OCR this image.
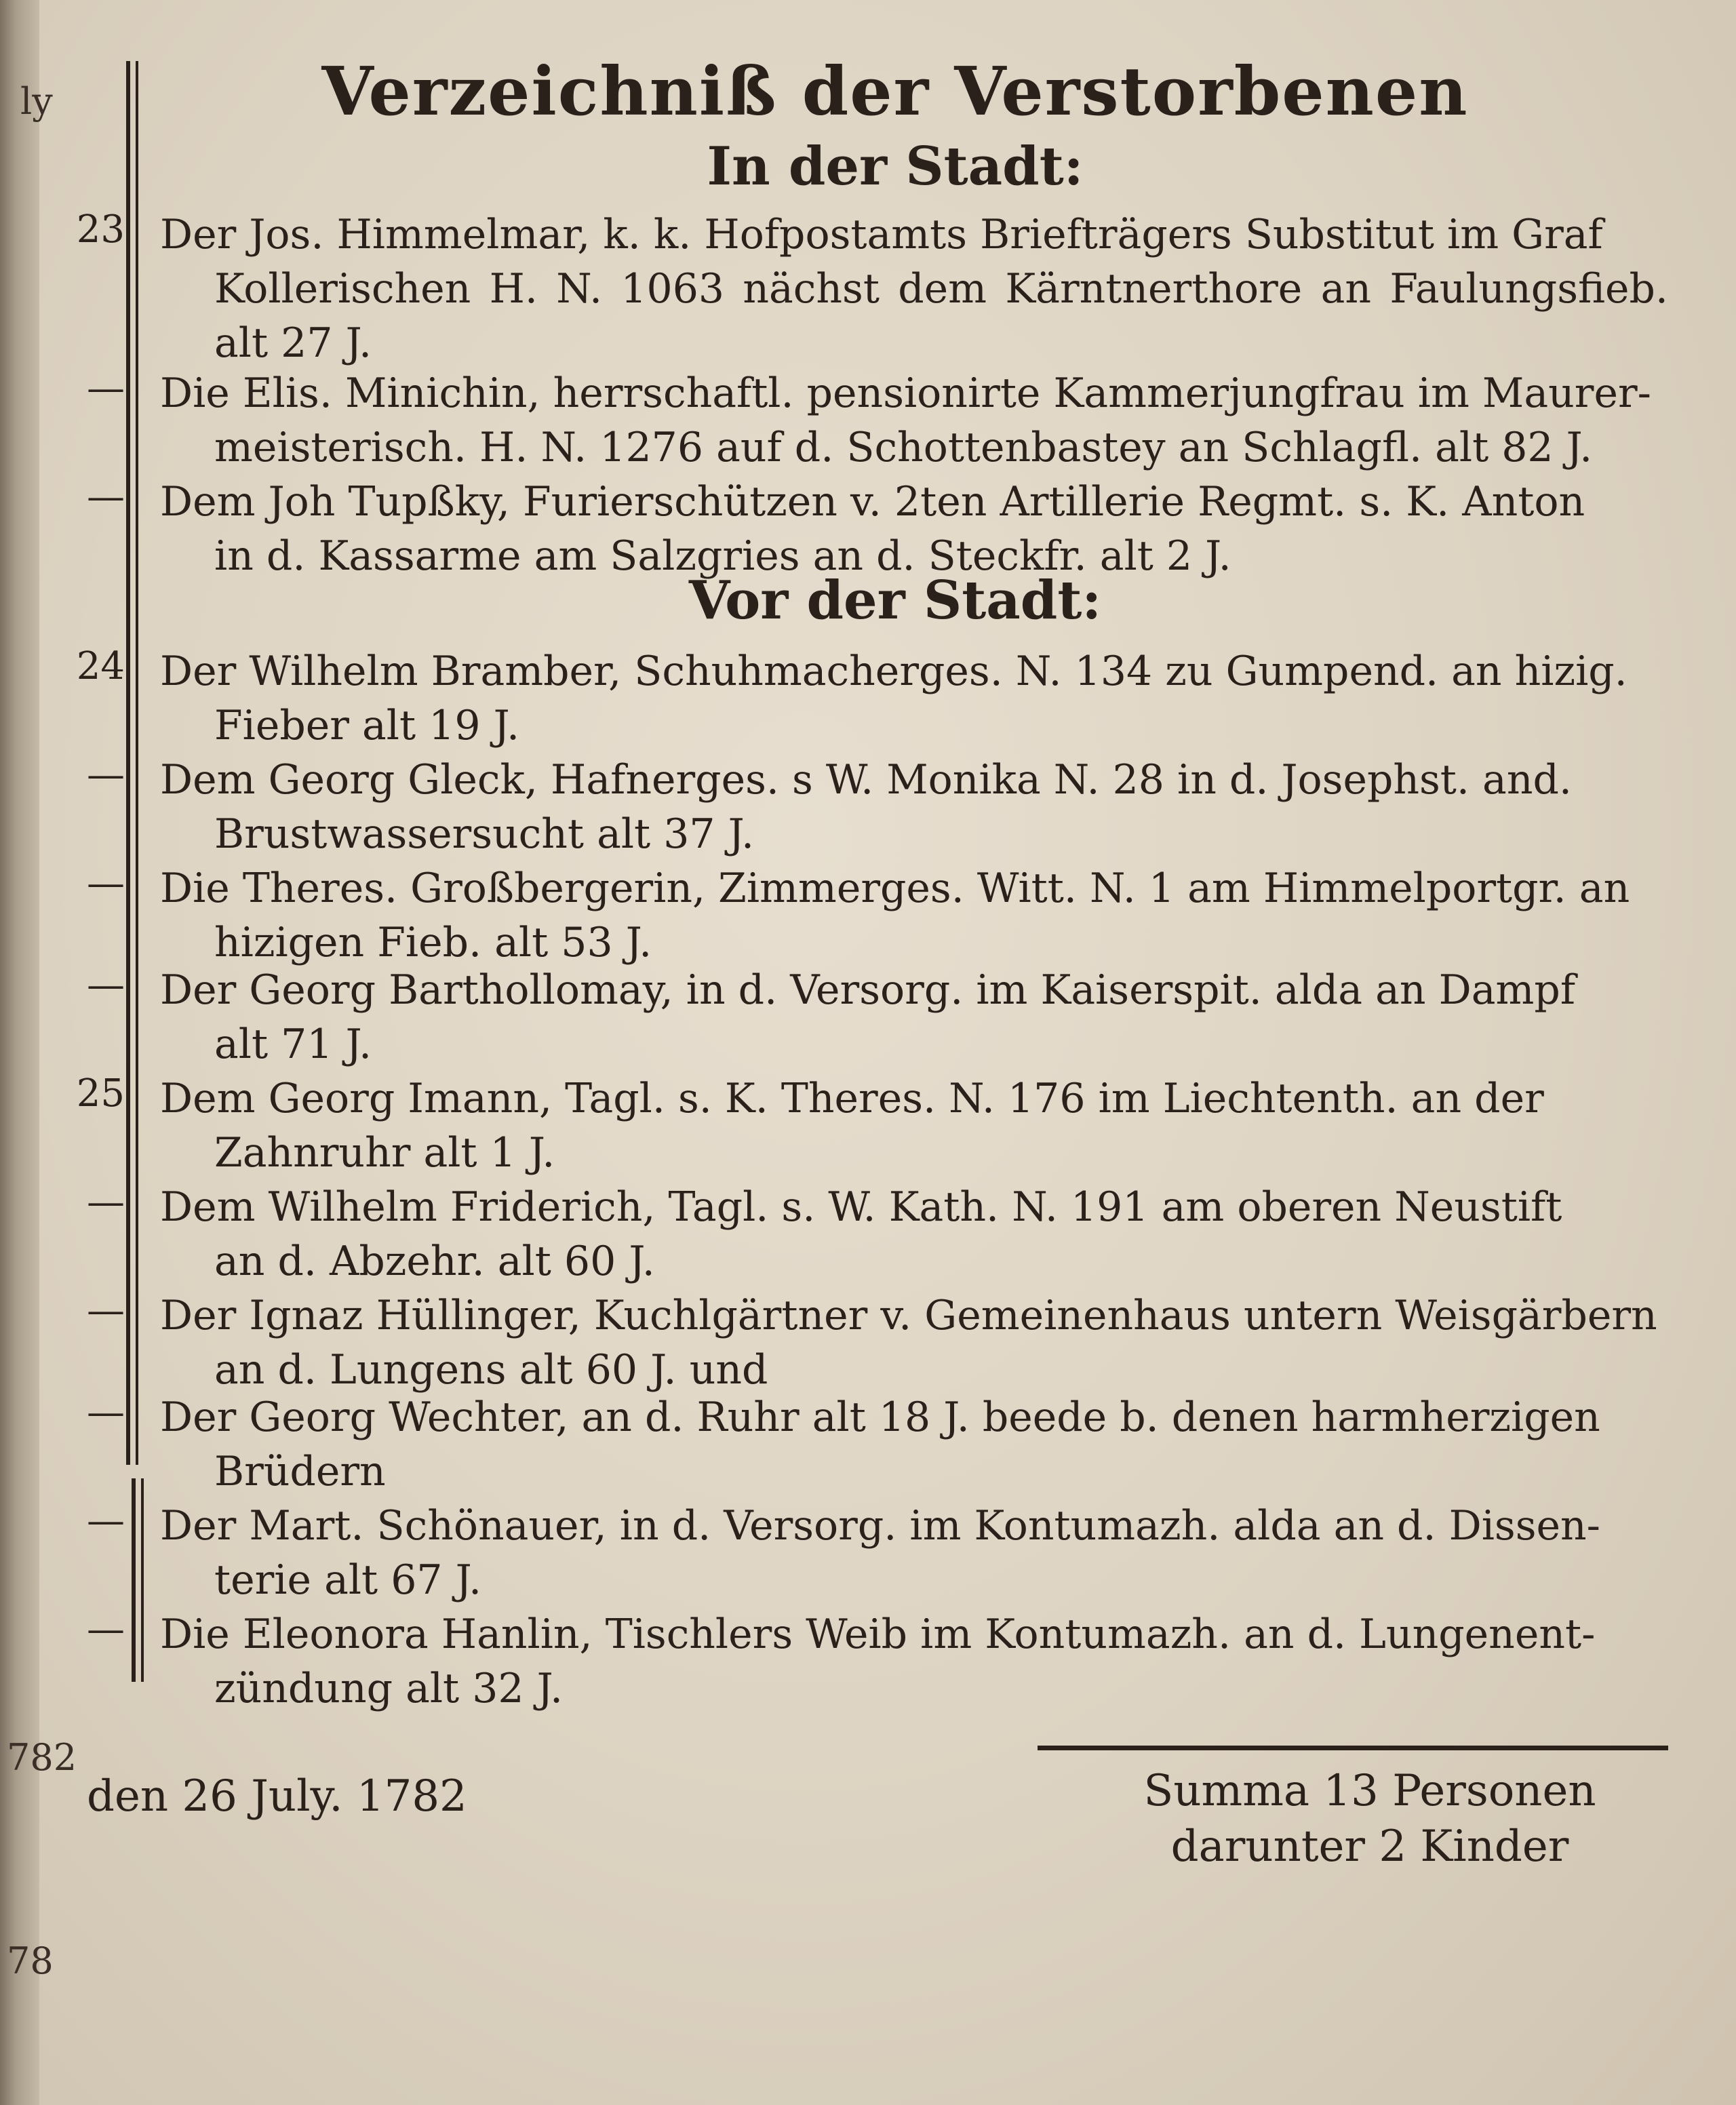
ly
782
78
Verzeichniß der Verstorbenen
In der Stadt:
Vor der Stadt:
23
—
—
24
—
—
—
25
—
—
—
—
—
Der Jos. Himmelmar, k. k. Hofpostamts Briefträgers Substitut im Graf
Kollerischen H. N. 1063 nächst dem Kärntnerthore an Faulungsfieb. alt 27 J.
Die Elis. Minichin, herrschaftl. pensionirte Kammerjungfrau im Maurer-
meisterisch. H. N. 1276 auf d. Schottenbastey an Schlagfl. alt 82 J.
Dem Joh Tupßky, Furierschützen v. 2ten Artillerie Regmt. s. K. Anton
in d. Kassarme am Salzgries an d. Steckfr. alt 2 J.
Der Wilhelm Bramber, Schuhmacherges. N. 134 zu Gumpend. an hizig.
Fieber alt 19 J.
Dem Georg Gleck, Hafnerges. s W. Monika N. 28 in d. Josephst. and.
Brustwassersucht alt 37 J.
Die Theres. Großbergerin, Zimmerges. Witt. N. 1 am Himmelportgr. an
hizigen Fieb. alt 53 J.
Der Georg Barthollomay, in d. Versorg. im Kaiserspit. alda an Dampf
alt 71 J.
Dem Georg Imann, Tagl. s. K. Theres. N. 176 im Liechtenth. an der
Zahnruhr alt 1 J.
Dem Wilhelm Friderich, Tagl. s. W. Kath. N. 191 am oberen Neustift
an d. Abzehr. alt 60 J.
Der Ignaz Hüllinger, Kuchlgärtner v. Gemeinenhaus untern Weisgärbern
an d. Lungens alt 60 J. und
Der Georg Wechter, an d. Ruhr alt 18 J. beede b. denen harmherzigen
Brüdern
Der Mart. Schönauer, in d. Versorg. im Kontumazh. alda an d. Dissen-
terie alt 67 J.
Die Eleonora Hanlin, Tischlers Weib im Kontumazh. an d. Lungenent-
zündung alt 32 J.
den 26 July. 1782	Summa 13 Personen
darunter 2 Kinder
